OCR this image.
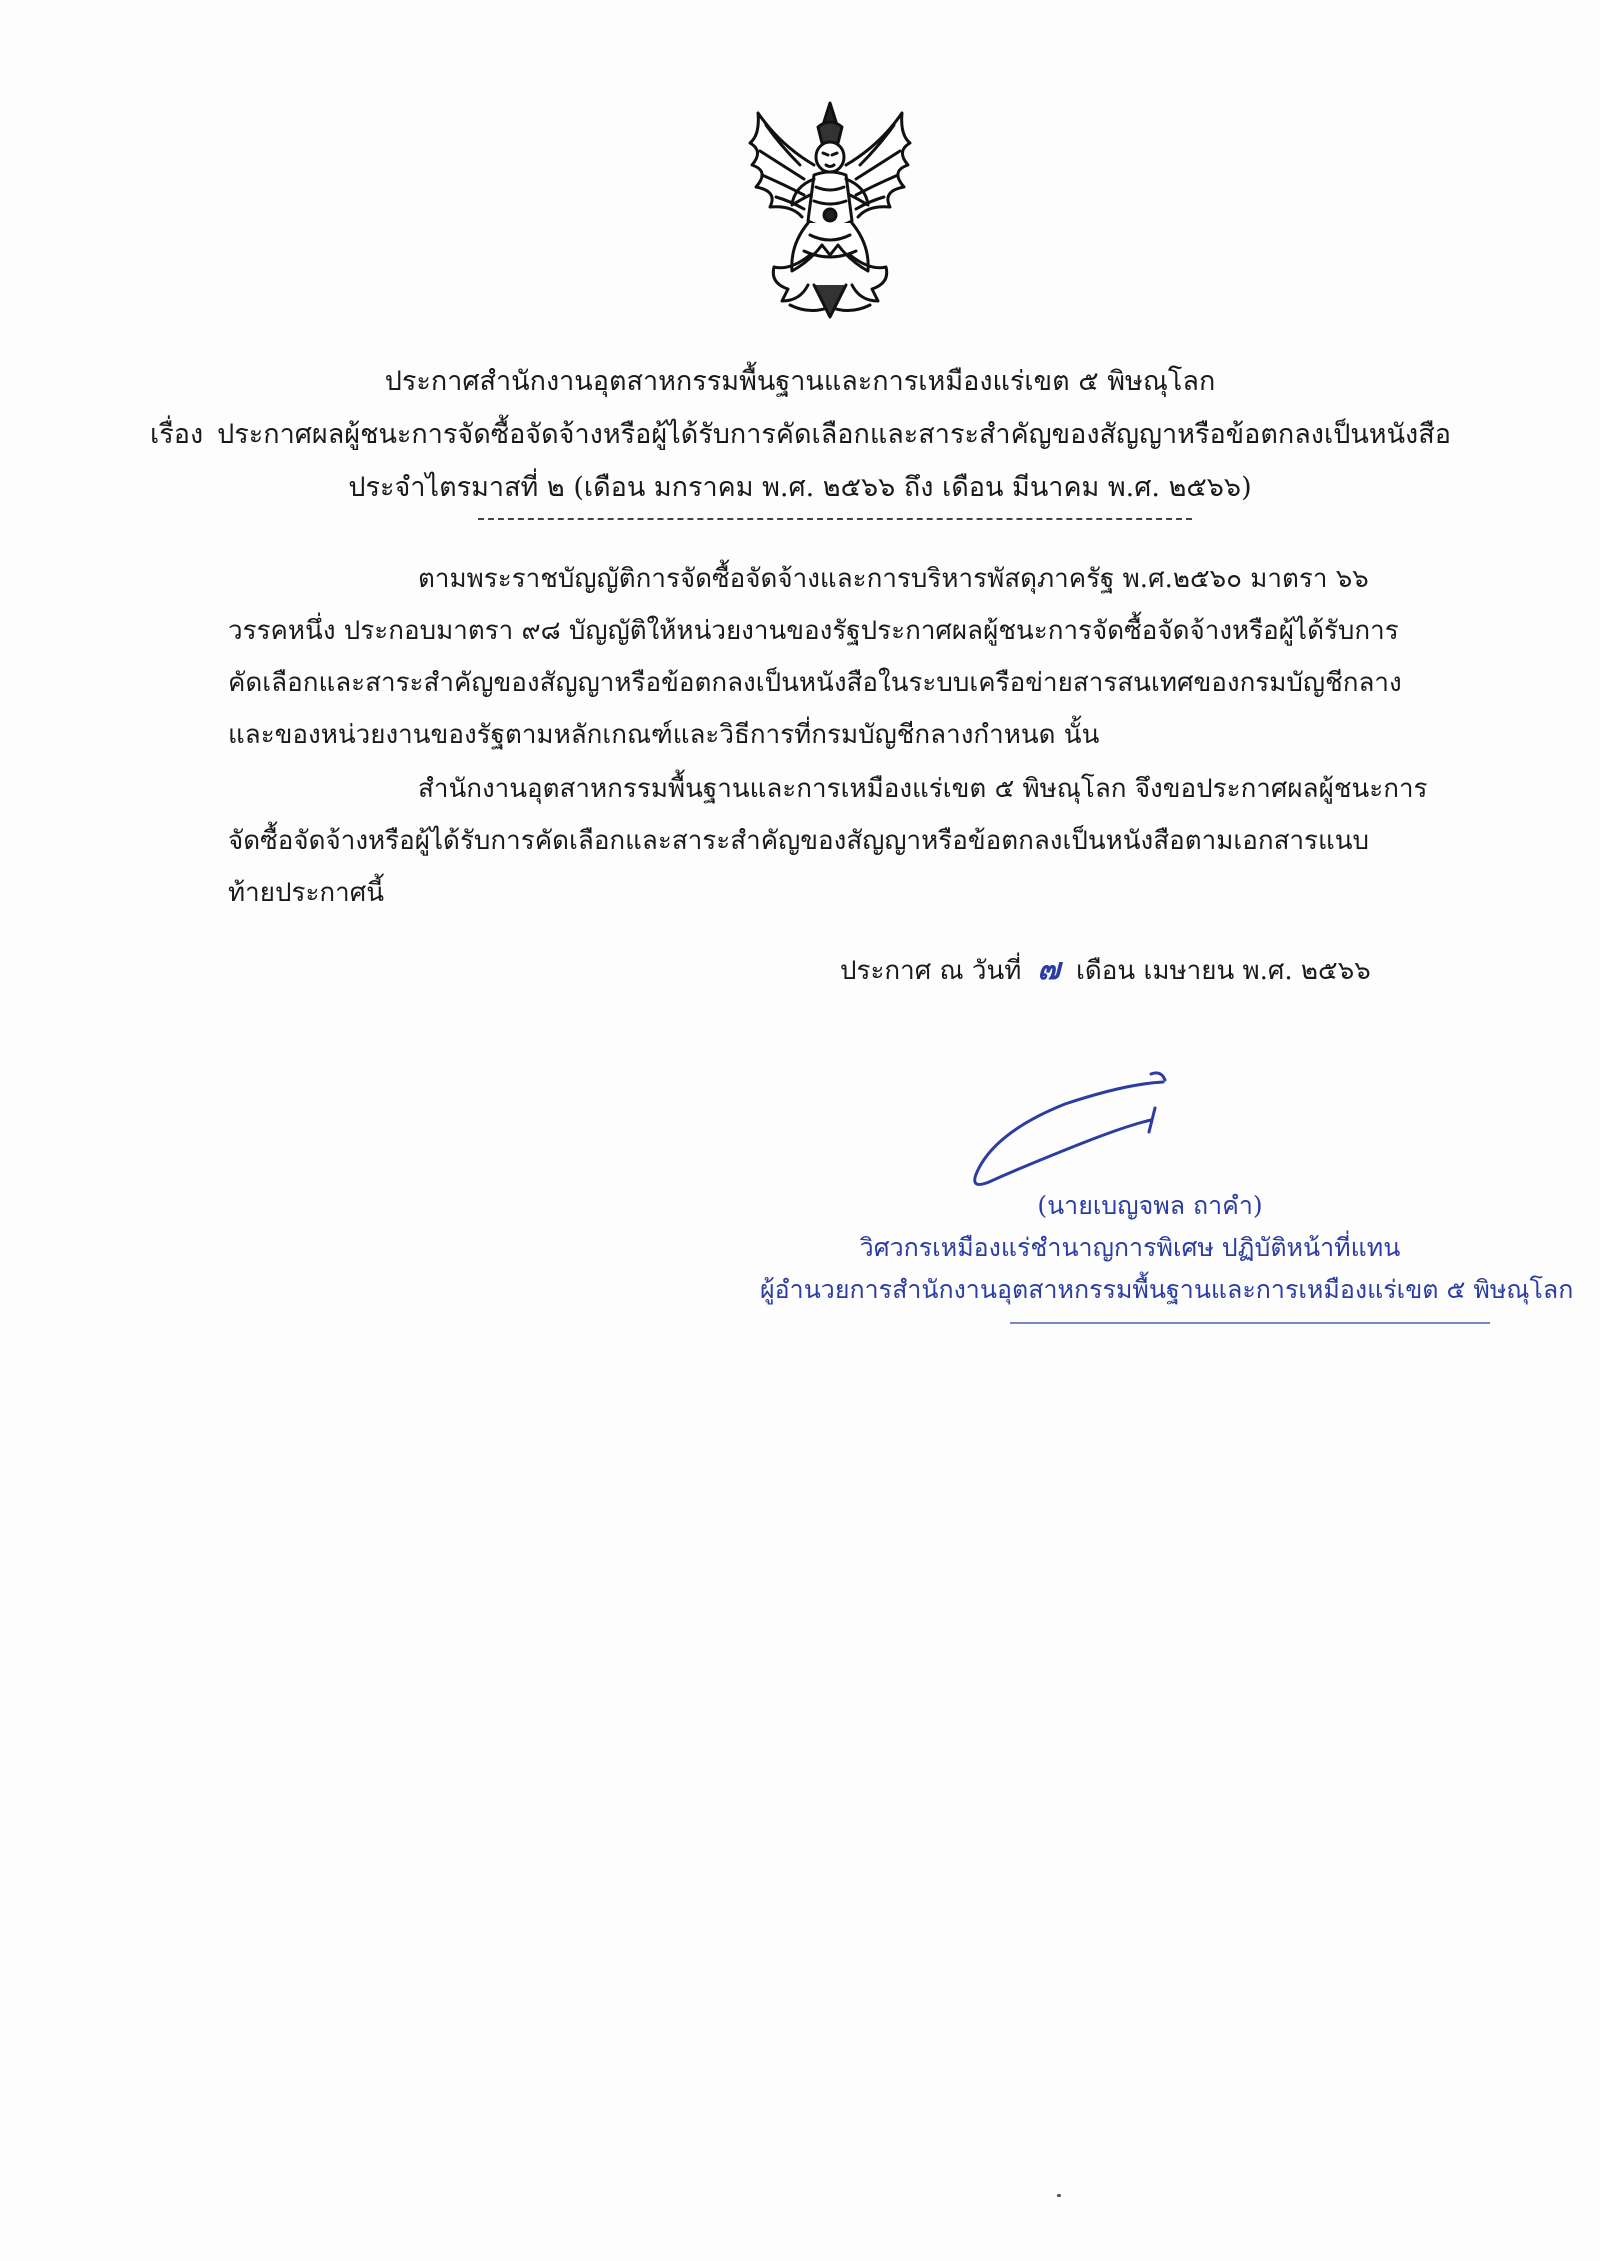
ประกาศสำนักงานอุตสาหกรรมพื้นฐานและการเหมืองแร่เขต ๕ พิษณุโลก
เรื่อง ประกาศผลผู้ชนะการจัดซื้อจัดจ้างหรือผู้ได้รับการคัดเลือกและสาระสำคัญของสัญญาหรือข้อตกลงเป็นหนังสือ
ประจำไตรมาสที่ ๒ (เดือน มกราคม พ.ศ. ๒๕๖๖ ถึง เดือน มีนาคม พ.ศ. ๒๕๖๖)
ตามพระราชบัญญัติการจัดซื้อจัดจ้างและการบริหารพัสดุภาครัฐ พ.ศ.๒๕๖๐ มาตรา ๖๖
วรรคหนึ่ง ประกอบมาตรา ๙๘ บัญญัติให้หน่วยงานของรัฐประกาศผลผู้ชนะการจัดซื้อจัดจ้างหรือผู้ได้รับการ
คัดเลือกและสาระสำคัญของสัญญาหรือข้อตกลงเป็นหนังสือในระบบเครือข่ายสารสนเทศของกรมบัญชีกลาง
และของหน่วยงานของรัฐตามหลักเกณฑ์และวิธีการที่กรมบัญชีกลางกำหนด นั้น
สำนักงานอุตสาหกรรมพื้นฐานและการเหมืองแร่เขต ๕ พิษณุโลก จึงขอประกาศผลผู้ชนะการ
จัดซื้อจัดจ้างหรือผู้ได้รับการคัดเลือกและสาระสำคัญของสัญญาหรือข้อตกลงเป็นหนังสือตามเอกสารแนบ
ท้ายประกาศนี้
ประกาศ ณ วันที่ ๗ เดือน เมษายน พ.ศ. ๒๕๖๖
(นายเบญจพล ถาคำ)
วิศวกรเหมืองแร่ชำนาญการพิเศษ ปฏิบัติหน้าที่แทน
ผู้อำนวยการสำนักงานอุตสาหกรรมพื้นฐานและการเหมืองแร่เขต ๕ พิษณุโลก
